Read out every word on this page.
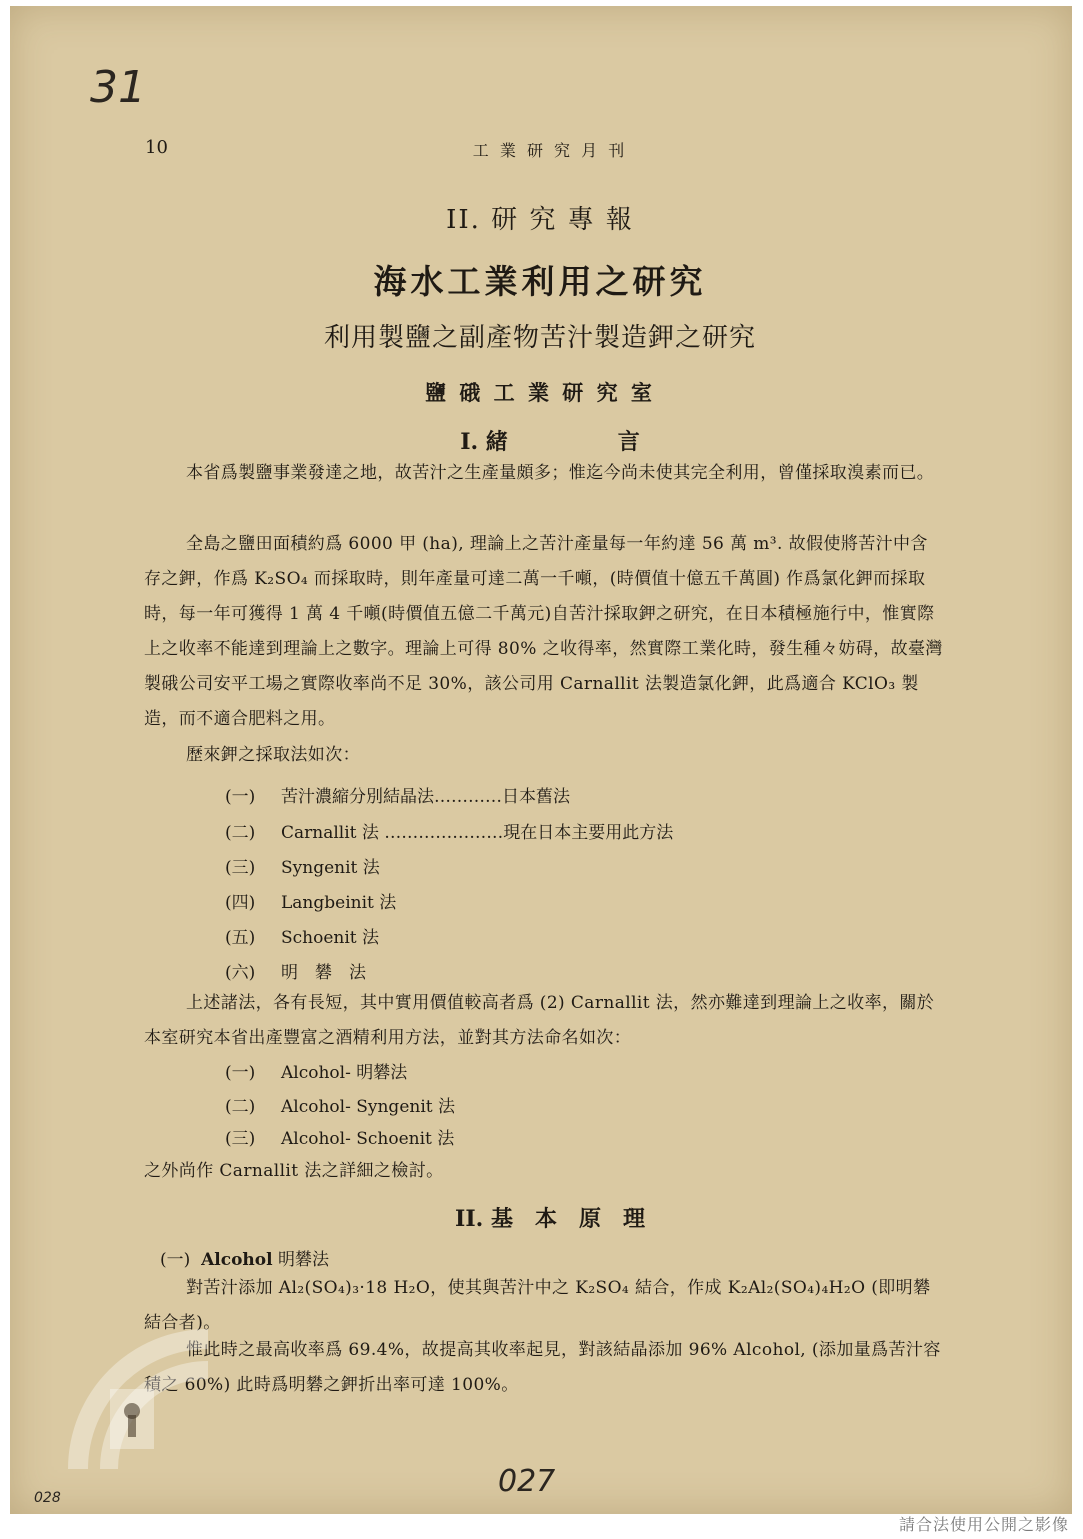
31
10	工 業 研 究 月 刊
II. 研 究 專 報
海水工業利用之研究
利用製鹽之副產物苦汁製造鉀之研究
鹽 硪 工 業 研 究 室
I. 緒　　　　　言
本省爲製鹽事業發達之地，故苦汁之生產量頗多；惟迄今尚未使其完全利用，曾僅採取溴素而已。
全島之鹽田面積約爲 6000 甲 (ha), 理論上之苦汁產量每一年約達 56 萬 m³. 故假使將苦汁中含存之鉀，作爲 K₂SO₄ 而採取時，則年產量可達二萬一千噸，(時價值十億五千萬圓) 作爲氯化鉀而採取時，每一年可獲得 1 萬 4 千噸(時價值五億二千萬元)自苦汁採取鉀之研究，在日本積極施行中，惟實際上之收率不能達到理論上之數字。理論上可得 80% 之收得率，然實際工業化時，發生種々妨碍，故臺灣製硪公司安平工場之實際收率尚不足 30%，該公司用 Carnallit 法製造氯化鉀，此爲適合 KClO₃ 製造，而不適合肥料之用。
歷來鉀之採取法如次：
(一) 苦汁濃縮分別結晶法…………日本舊法
(二) Carnallit 法 …………………現在日本主要用此方法
(三) Syngenit 法
(四) Langbeinit 法
(五) Schoenit 法
(六) 明　礬　法
上述諸法，各有長短，其中實用價值較高者爲 (2) Carnallit 法，然亦難達到理論上之收率，關於本室研究本省出產豐富之酒精利用方法，並對其方法命名如次：
(一) Alcohol- 明礬法
(二) Alcohol- Syngenit 法
(三) Alcohol- Schoenit 法
之外尚作 Carnallit 法之詳細之檢討。
II. 基　本　原　理
(一) Alcohol 明礬法
對苦汁添加 Al₂(SO₄)₃·18 H₂O，使其與苦汁中之 K₂SO₄ 結合，作成 K₂Al₂(SO₄)₄H₂O (即明礬結合者)。
惟此時之最高收率爲 69.4%，故提高其收率起見，對該結晶添加 96% Alcohol, (添加量爲苦汁容積之 60%) 此時爲明礬之鉀折出率可達 100%。
027
028
請合法使用公開之影像
